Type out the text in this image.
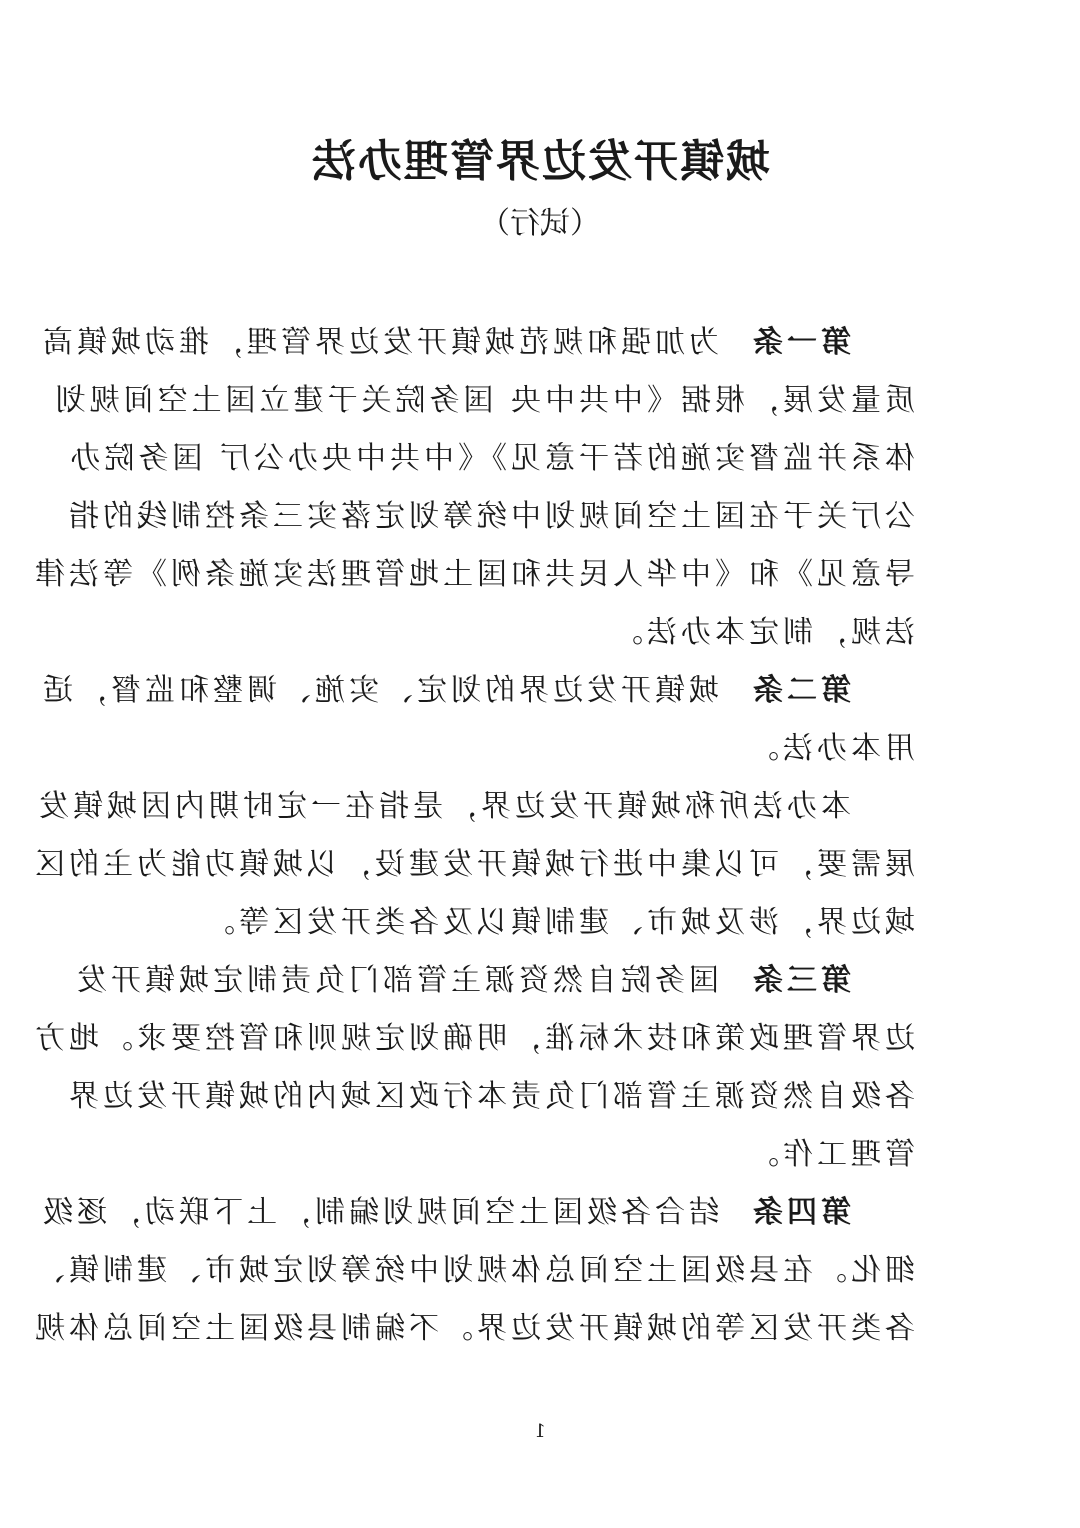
城镇开发边界管理办法
（试行）
第一条为加强和规范城镇开发边界管理，推动城镇高
质量发展，根据《中共中央 国务院关于建立国土空间规划
体系并监督实施的若干意见》《中共中央办公厅 国务院办
公厅关于在国土空间规划中统筹划定落实三条控制线的指
导意见》和《中华人民共和国土地管理法实施条例》等法律
法规，制定本办法。
第二条城镇开发边界的划定、实施、调整和监督，适
用本办法。
本办法所称城镇开发边界，是指在一定时期内因城镇发
展需要，可以集中进行城镇开发建设，以城镇功能为主的区
域边界，涉及城市、建制镇以及各类开发区等。
第三条国务院自然资源主管部门负责制定城镇开发
边界管理政策和技术标准，明确划定规则和管控要求。地方
各级自然资源主管部门负责本行政区域内的城镇开发边界
管理工作。
第四条结合各级国土空间规划编制，上下联动，逐级
细化。在县级国土空间总体规划中统筹划定城市、建制镇、
各类开发区等的城镇开发边界。不编制县级国土空间总体规
1
